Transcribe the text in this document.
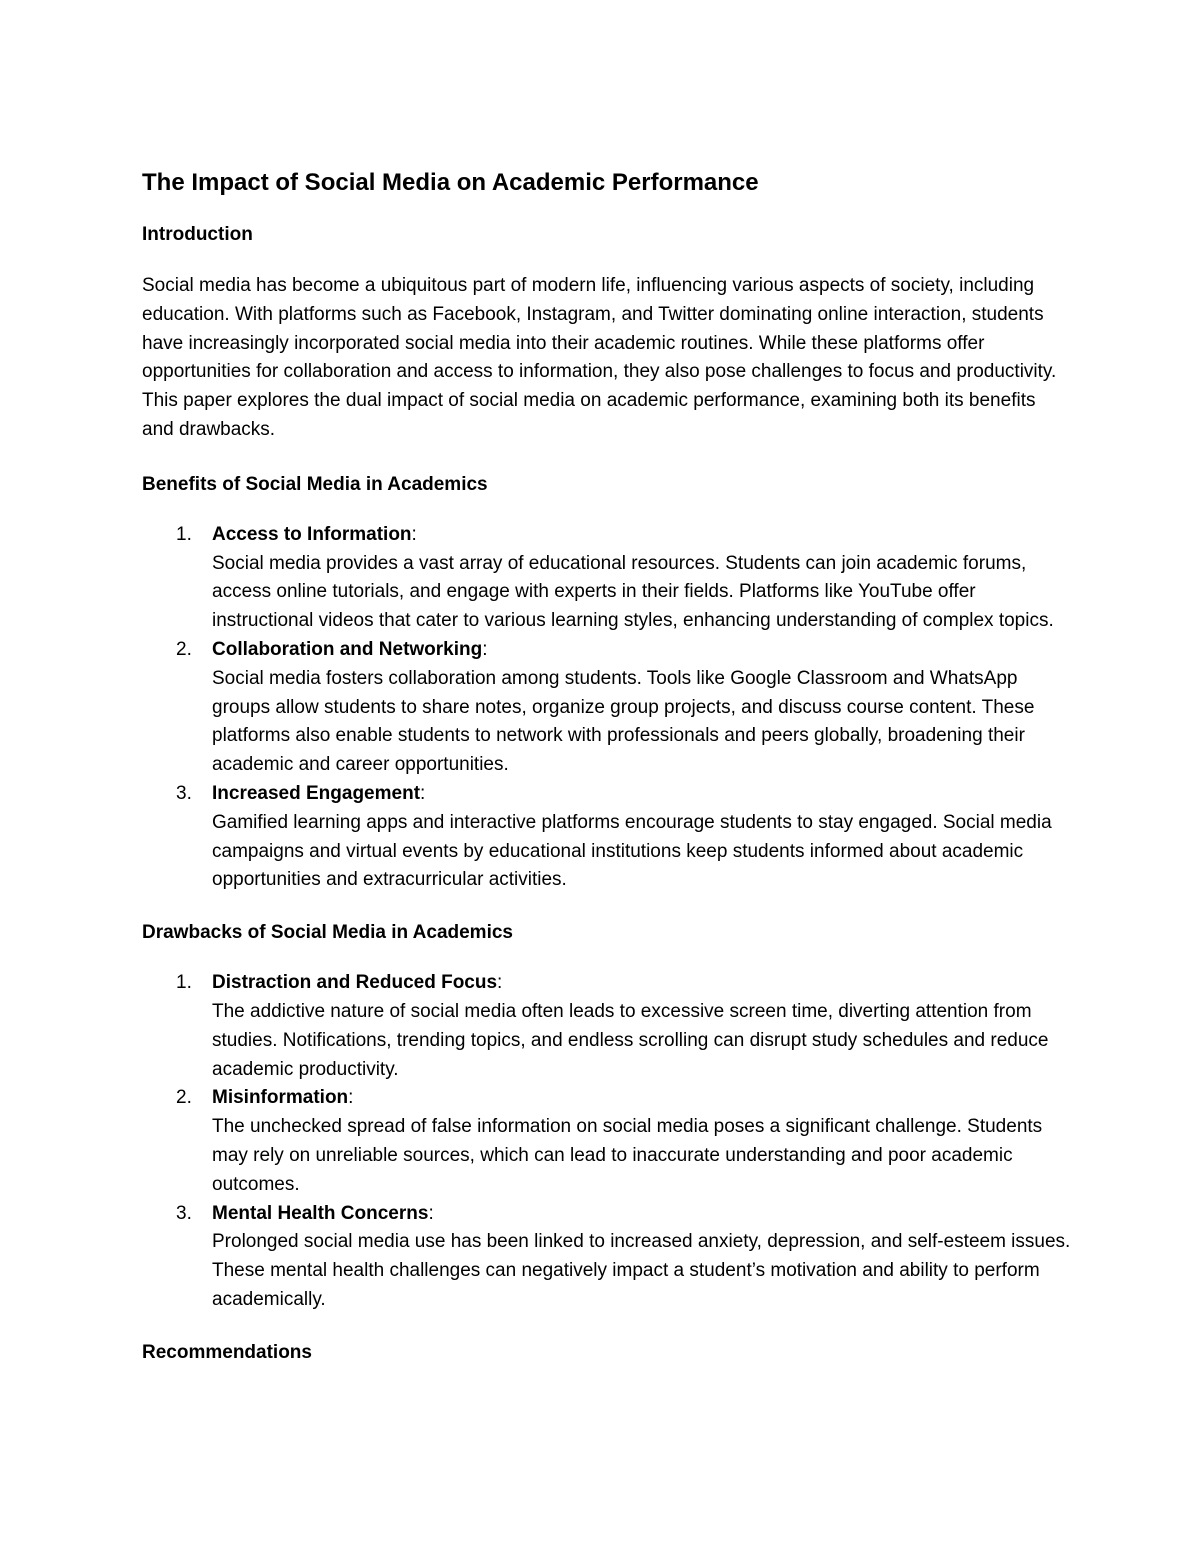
The Impact of Social Media on Academic Performance
Introduction

Social media has become a ubiquitous part of modern life, influencing various aspects of society, including education. With platforms such as Facebook, Instagram, and Twitter dominating online interaction, students have increasingly incorporated social media into their academic routines. While these platforms offer opportunities for collaboration and access to information, they also pose challenges to focus and productivity. This paper explores the dual impact of social media on academic performance, examining both its benefits and drawbacks.

Benefits of Social Media in Academics
1. Access to Information:
Social media provides a vast array of educational resources. Students can join academic forums, access online tutorials, and engage with experts in their fields. Platforms like YouTube offer instructional videos that cater to various learning styles, enhancing understanding of complex topics.
2. Collaboration and Networking:
Social media fosters collaboration among students. Tools like Google Classroom and WhatsApp groups allow students to share notes, organize group projects, and discuss course content. These platforms also enable students to network with professionals and peers globally, broadening their academic and career opportunities.
3. Increased Engagement:
Gamified learning apps and interactive platforms encourage students to stay engaged. Social media campaigns and virtual events by educational institutions keep students informed about academic opportunities and extracurricular activities.
Drawbacks of Social Media in Academics
1. Distraction and Reduced Focus:
The addictive nature of social media often leads to excessive screen time, diverting attention from studies. Notifications, trending topics, and endless scrolling can disrupt study schedules and reduce academic productivity.
2. Misinformation:
The unchecked spread of false information on social media poses a significant challenge. Students may rely on unreliable sources, which can lead to inaccurate understanding and poor academic outcomes.
3. Mental Health Concerns:
Prolonged social media use has been linked to increased anxiety, depression, and self-esteem issues. These mental health challenges can negatively impact a student’s motivation and ability to perform academically.
Recommendations
